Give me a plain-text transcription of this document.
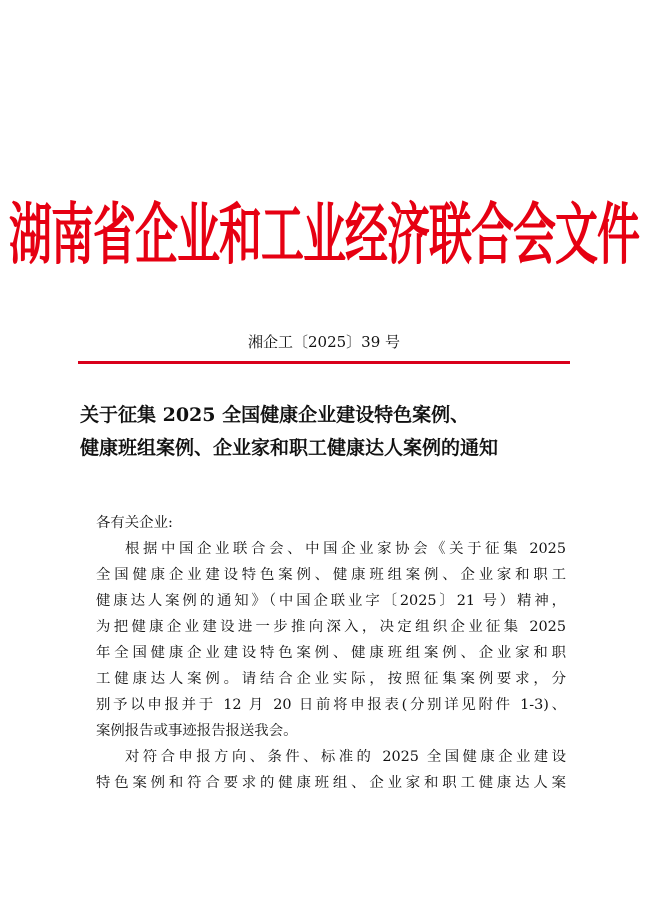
湖南省企业和工业经济联合会文件
湘企工〔2025〕39 号
关于征集 2025 全国健康企业建设特色案例、
健康班组案例、企业家和职工健康达人案例的通知
各有关企业:
根据中国企业联合会、中国企业家协会《关于征集 2025
全国健康企业建设特色案例、健康班组案例、企业家和职工
健康达人案例的通知》（中国企联业字〔2025〕21 号）精神，
为把健康企业建设进一步推向深入，决定组织企业征集 2025
年全国健康企业建设特色案例、健康班组案例、企业家和职
工健康达人案例。请结合企业实际，按照征集案例要求，分
别予以申报并于 12 月 20 日前将申报表(分别详见附件 1-3)、
案例报告或事迹报告报送我会。
对符合申报方向、条件、标准的 2025 全国健康企业建设
特色案例和符合要求的健康班组、企业家和职工健康达人案
